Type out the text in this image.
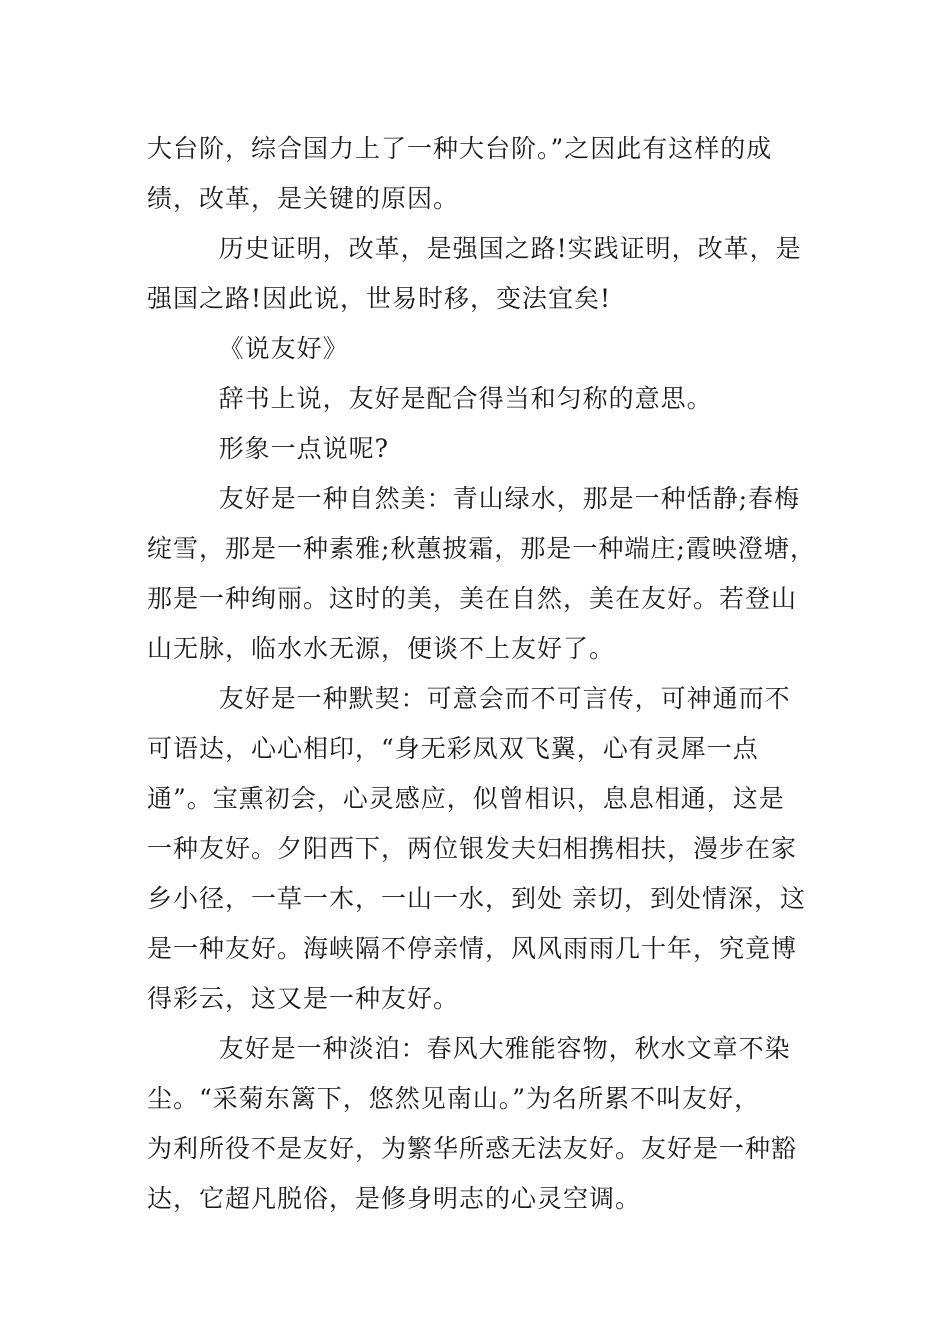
大台阶，综合国力上了一种大台阶。”之因此有这样的成
绩，改革，是关键的原因。
历史证明，改革，是强国之路!实践证明，改革，是
强国之路!因此说，世易时移，变法宜矣!
《说友好》
辞书上说，友好是配合得当和匀称的意思。
形象一点说呢?
友好是一种自然美：青山绿水，那是一种恬静;春梅
绽雪，那是一种素雅;秋蕙披霜，那是一种端庄;霞映澄塘，
那是一种绚丽。这时的美，美在自然，美在友好。若登山
山无脉，临水水无源，便谈不上友好了。
友好是一种默契：可意会而不可言传，可神通而不
可语达，心心相印，“身无彩凤双飞翼，心有灵犀一点
通”。宝熏初会，心灵感应，似曾相识，息息相通，这是
一种友好。夕阳西下，两位银发夫妇相携相扶，漫步在家
乡小径，一草一木，一山一水，到处 亲切，到处情深，这
是一种友好。海峡隔不停亲情，风风雨雨几十年，究竟博
得彩云，这又是一种友好。
友好是一种淡泊：春风大雅能容物，秋水文章不染
尘。“采菊东篱下，悠然见南山。”为名所累不叫友好，
为利所役不是友好，为繁华所惑无法友好。友好是一种豁
达，它超凡脱俗，是修身明志的心灵空调。
